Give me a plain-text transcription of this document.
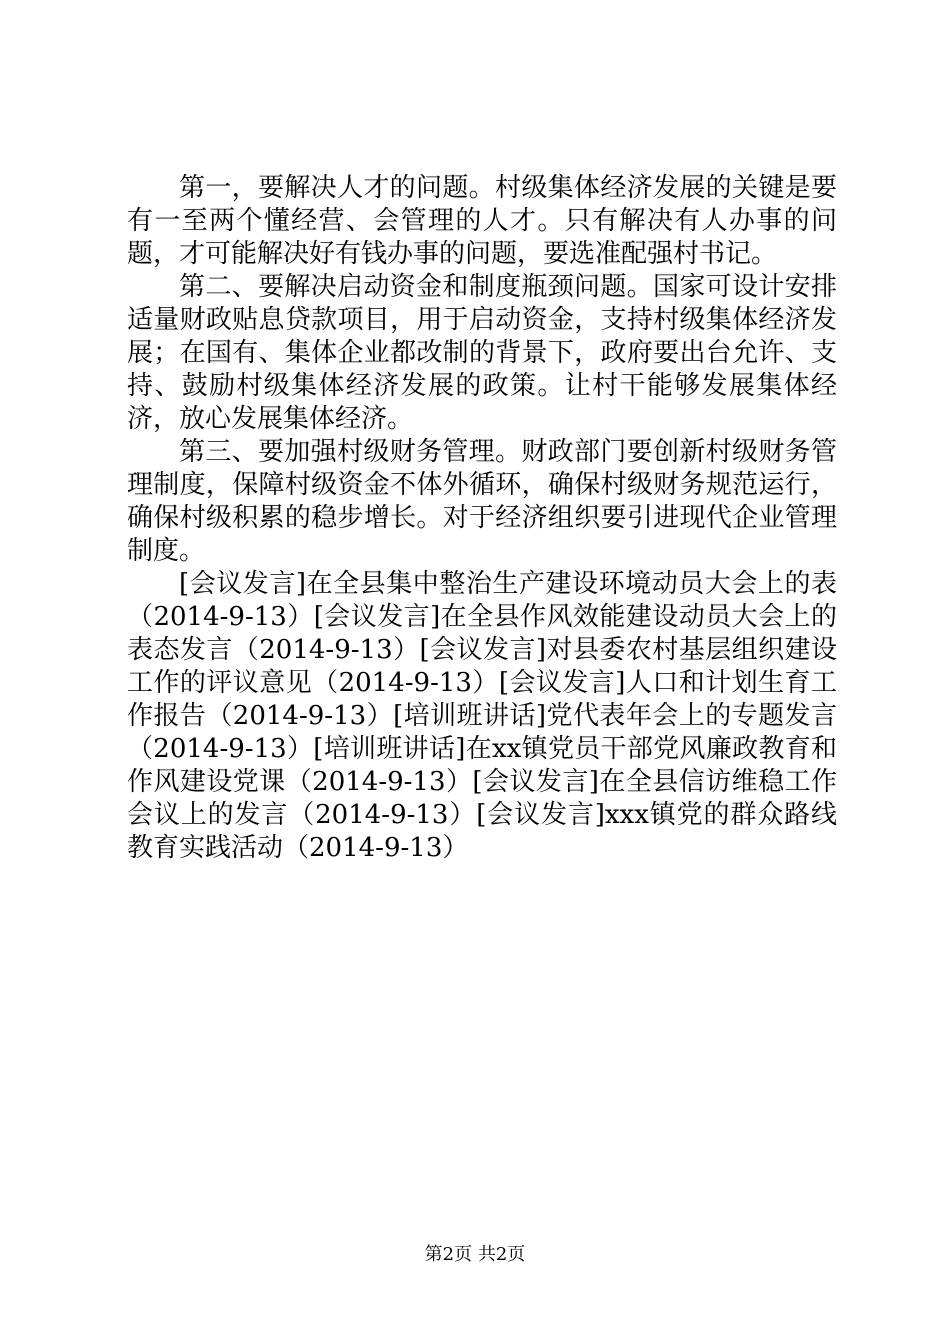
第一，要解决人才的问题。村级集体经济发展的关键是要有一至两个懂经营、会管理的人才。只有解决有人办事的问题，才可能解决好有钱办事的问题，要选准配强村书记。

第二、要解决启动资金和制度瓶颈问题。国家可设计安排适量财政贴息贷款项目，用于启动资金，支持村级集体经济发展；在国有、集体企业都改制的背景下，政府要出台允许、支持、鼓励村级集体经济发展的政策。让村干能够发展集体经济，放心发展集体经济。

第三、要加强村级财务管理。财政部门要创新村级财务管理制度，保障村级资金不体外循环，确保村级财务规范运行，确保村级积累的稳步增长。对于经济组织要引进现代企业管理制度。

[会议发言]在全县集中整治生产建设环境动员大会上的表（2014-9-13）[会议发言]在全县作风效能建设动员大会上的表态发言（2014-9-13）[会议发言]对县委农村基层组织建设工作的评议意见（2014-9-13）[会议发言]人口和计划生育工作报告（2014-9-13）[培训班讲话]党代表年会上的专题发言（2014-9-13）[培训班讲话]在xx镇党员干部党风廉政教育和作风建设党课（2014-9-13）[会议发言]在全县信访维稳工作会议上的发言（2014-9-13）[会议发言]xxx镇党的群众路线教育实践活动（2014-9-13）

第2页 共2页
